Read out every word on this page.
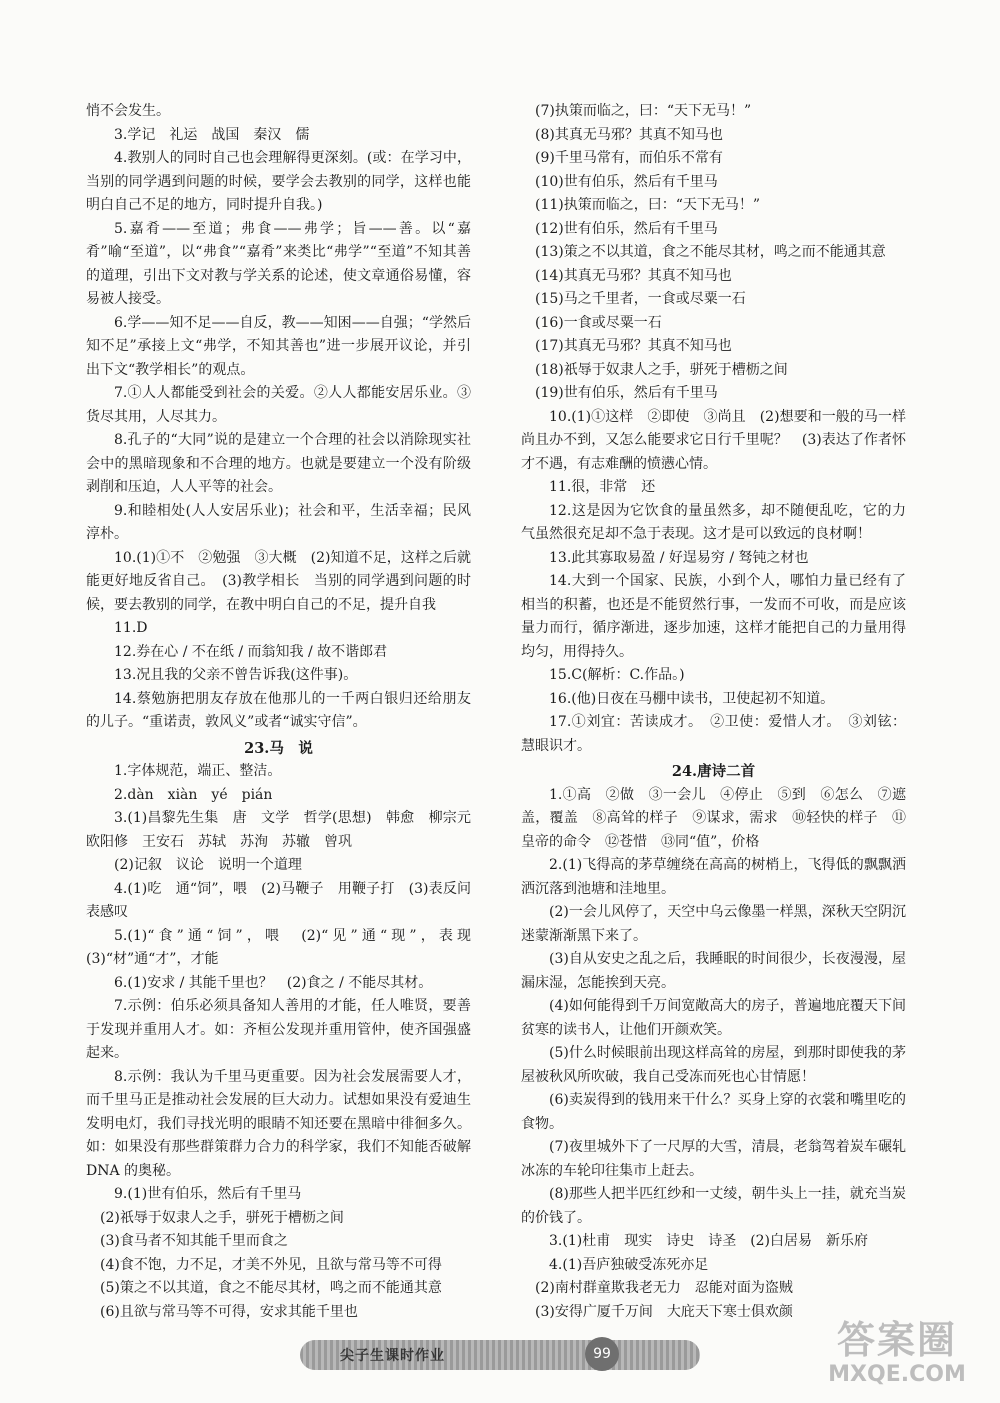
悄不会发生。

3.学记　礼运　战国　秦汉　儒

4.教别人的同时自己也会理解得更深刻。(或：在学习中，当别的同学遇到问题的时候，要学会去教别的同学，这样也能明白自己不足的地方，同时提升自我。)

5.嘉肴——至道；弗食——弗学；旨——善。以“嘉肴”喻“至道”，以“弗食”“嘉肴”来类比“弗学”“至道”不知其善的道理，引出下文对教与学关系的论述，使文章通俗易懂，容易被人接受。

6.学——知不足——自反，教——知困——自强；“学然后知不足”承接上文“弗学，不知其善也”进一步展开议论，并引出下文“教学相长”的观点。

7.①人人都能受到社会的关爱。②人人都能安居乐业。③货尽其用，人尽其力。

8.孔子的“大同”说的是建立一个合理的社会以消除现实社会中的黑暗现象和不合理的地方。也就是要建立一个没有阶级剥削和压迫，人人平等的社会。

9.和睦相处(人人安居乐业)；社会和平，生活幸福；民风淳朴。

10.(1)①不　②勉强　③大概　(2)知道不足，这样之后就能更好地反省自己。　(3)教学相长　当别的同学遇到问题的时候，要去教别的同学，在教中明白自己的不足，提升自我

11.D

12.券在心 / 不在纸 / 而翁知我 / 故不谐郎君

13.况且我的父亲不曾告诉我(这件事)。

14.蔡勉旃把朋友存放在他那儿的一千两白银归还给朋友的儿子。“重诺责，敦风义”或者“诚实守信”。

23.马　说

1.字体规范，端正、整洁。

2.dàn　xiàn　yé　pián

3.(1)昌黎先生集　唐　文学　哲学(思想)　韩愈　柳宗元　欧阳修　王安石　苏轼　苏洵　苏辙　曾巩

(2)记叙　议论　说明一个道理

4.(1)吃　通“饲”，喂　(2)马鞭子　用鞭子打　(3)表反问　表感叹

5.(1)“食”通“饲”，喂　(2)“见”通“现”，表现　(3)“材”通“才”，才能

6.(1)安求 / 其能千里也？　(2)食之 / 不能尽其材。

7.示例：伯乐必须具备知人善用的才能，任人唯贤，要善于发现并重用人才。如：齐桓公发现并重用管仲，使齐国强盛起来。

8.示例：我认为千里马更重要。因为社会发展需要人才，而千里马正是推动社会发展的巨大动力。试想如果没有爱迪生发明电灯，我们寻找光明的眼睛不知还要在黑暗中徘徊多久。如：如果没有那些群策群力合力的科学家，我们不知能否破解 DNA 的奥秘。

9.(1)世有伯乐，然后有千里马

(2)祇辱于奴隶人之手，骈死于槽枥之间

(3)食马者不知其能千里而食之

(4)食不饱，力不足，才美不外见，且欲与常马等不可得

(5)策之不以其道，食之不能尽其材，鸣之而不能通其意

(6)且欲与常马等不可得，安求其能千里也

(7)执策而临之，曰：“天下无马！”

(8)其真无马邪？其真不知马也

(9)千里马常有，而伯乐不常有

(10)世有伯乐，然后有千里马

(11)执策而临之，曰：“天下无马！”

(12)世有伯乐，然后有千里马

(13)策之不以其道，食之不能尽其材，鸣之而不能通其意

(14)其真无马邪？其真不知马也

(15)马之千里者，一食或尽粟一石

(16)一食或尽粟一石

(17)其真无马邪？其真不知马也

(18)祇辱于奴隶人之手，骈死于槽枥之间

(19)世有伯乐，然后有千里马

10.(1)①这样　②即使　③尚且　(2)想要和一般的马一样尚且办不到，又怎么能要求它日行千里呢？　(3)表达了作者怀才不遇，有志难酬的愤懑心情。

11.很，非常　还

12.这是因为它饮食的量虽然多，却不随便乱吃，它的力气虽然很充足却不急于表现。这才是可以致远的良材啊！

13.此其寡取易盈 / 好逞易穷 / 驽钝之材也

14.大到一个国家、民族，小到个人，哪怕力量已经有了相当的积蓄，也还是不能贸然行事，一发而不可收，而是应该量力而行，循序渐进，逐步加速，这样才能把自己的力量用得均匀，用得持久。

15.C(解析：C.作品。)

16.(他)日夜在马棚中读书，卫使起初不知道。

17.①刘宜：苦读成才。　②卫使：爱惜人才。　③刘铉：慧眼识才。

24.唐诗二首

1.①高　②做　③一会儿　④停止　⑤到　⑥怎么　⑦遮盖，覆盖　⑧高耸的样子　⑨谋求，需求　⑩轻快的样子　⑪皇帝的命令　⑫苍惜　⑬同“值”，价格

2.(1)飞得高的茅草缠绕在高高的树梢上，飞得低的飘飘洒洒沉落到池塘和洼地里。

(2)一会儿风停了，天空中乌云像墨一样黑，深秋天空阴沉迷蒙渐渐黑下来了。

(3)自从安史之乱之后，我睡眠的时间很少，长夜漫漫，屋漏床湿，怎能挨到天亮。

(4)如何能得到千万间宽敞高大的房子，普遍地庇覆天下间贫寒的读书人，让他们开颜欢笑。

(5)什么时候眼前出现这样高耸的房屋，到那时即使我的茅屋被秋风所吹破，我自己受冻而死也心甘情愿！

(6)卖炭得到的钱用来干什么？买身上穿的衣裳和嘴里吃的食物。

(7)夜里城外下了一尺厚的大雪，清晨，老翁驾着炭车碾轧冰冻的车轮印往集市上赶去。

(8)那些人把半匹红纱和一丈绫，朝牛头上一挂，就充当炭的价钱了。

3.(1)杜甫　现实　诗史　诗圣　(2)白居易　新乐府

4.(1)吾庐独破受冻死亦足

(2)南村群童欺我老无力　忍能对面为盗贼

(3)安得广厦千万间　大庇天下寒士俱欢颜

尖子生课时作业	99	答案圈
MXQE.COM
